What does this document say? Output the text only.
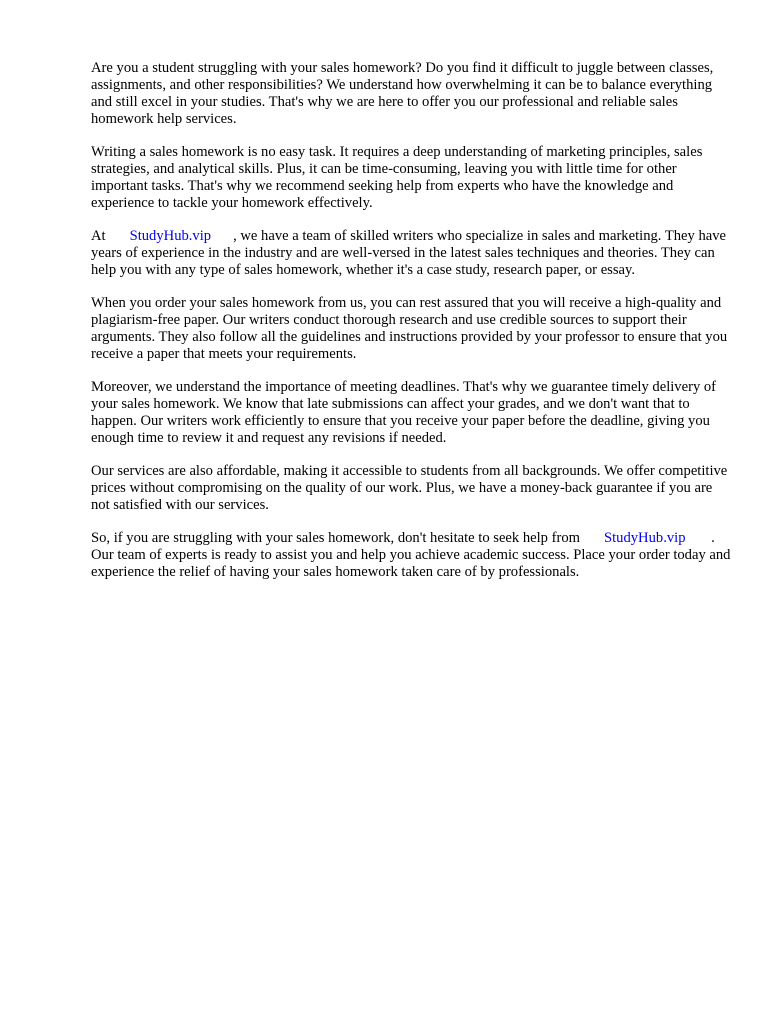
Are you a student struggling with your sales homework? Do you find it difficult to juggle between classes, assignments, and other responsibilities? We understand how overwhelming it can be to balance everything and still excel in your studies. That's why we are here to offer you our professional and reliable sales homework help services.

Writing a sales homework is no easy task. It requires a deep understanding of marketing principles, sales strategies, and analytical skills. Plus, it can be time-consuming, leaving you with little time for other important tasks. That's why we recommend seeking help from experts who have the knowledge and experience to tackle your homework effectively.

At StudyHub.vip , we have a team of skilled writers who specialize in sales and marketing. They have years of experience in the industry and are well-versed in the latest sales techniques and theories. They can help you with any type of sales homework, whether it's a case study, research paper, or essay.

When you order your sales homework from us, you can rest assured that you will receive a high-quality and plagiarism-free paper. Our writers conduct thorough research and use credible sources to support their arguments. They also follow all the guidelines and instructions provided by your professor to ensure that you receive a paper that meets your requirements.

Moreover, we understand the importance of meeting deadlines. That's why we guarantee timely delivery of your sales homework. We know that late submissions can affect your grades, and we don't want that to happen. Our writers work efficiently to ensure that you receive your paper before the deadline, giving you enough time to review it and request any revisions if needed.

Our services are also affordable, making it accessible to students from all backgrounds. We offer competitive prices without compromising on the quality of our work. Plus, we have a money-back guarantee if you are not satisfied with our services.

So, if you are struggling with your sales homework, don't hesitate to seek help from StudyHub.vip . Our team of experts is ready to assist you and help you achieve academic success. Place your order today and experience the relief of having your sales homework taken care of by professionals.
